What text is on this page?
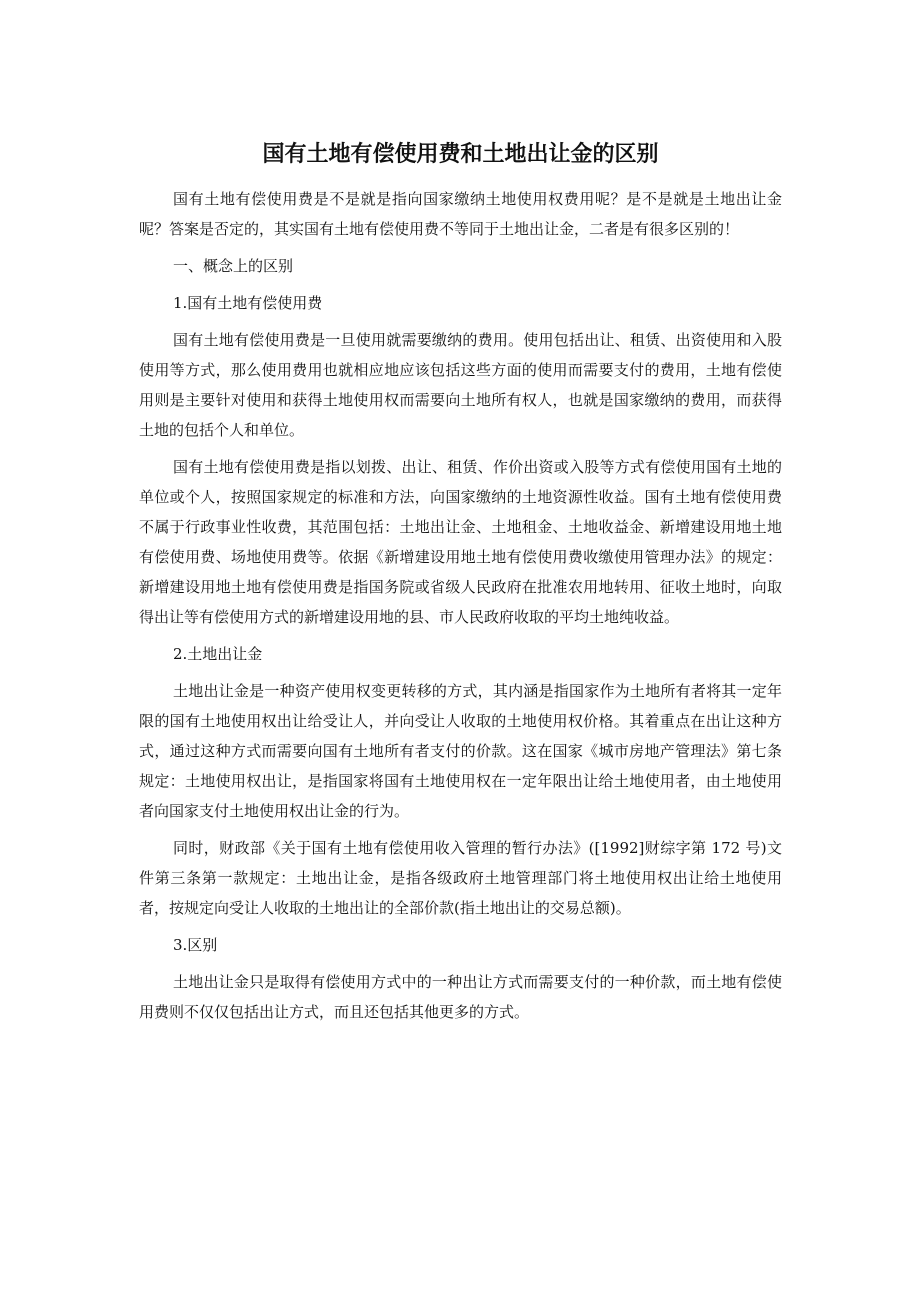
国有土地有偿使用费和土地出让金的区别

国有土地有偿使用费是不是就是指向国家缴纳土地使用权费用呢？是不是就是土地出让金呢？答案是否定的，其实国有土地有偿使用费不等同于土地出让金，二者是有很多区别的！

一、概念上的区别

1.国有土地有偿使用费

国有土地有偿使用费是一旦使用就需要缴纳的费用。使用包括出让、租赁、出资使用和入股使用等方式，那么使用费用也就相应地应该包括这些方面的使用而需要支付的费用，土地有偿使用则是主要针对使用和获得土地使用权而需要向土地所有权人，也就是国家缴纳的费用，而获得土地的包括个人和单位。

国有土地有偿使用费是指以划拨、出让、租赁、作价出资或入股等方式有偿使用国有土地的单位或个人，按照国家规定的标准和方法，向国家缴纳的土地资源性收益。国有土地有偿使用费不属于行政事业性收费，其范围包括：土地出让金、土地租金、土地收益金、新增建设用地土地有偿使用费、场地使用费等。依据《新增建设用地土地有偿使用费收缴使用管理办法》的规定：新增建设用地土地有偿使用费是指国务院或省级人民政府在批准农用地转用、征收土地时，向取得出让等有偿使用方式的新增建设用地的县、市人民政府收取的平均土地纯收益。

2.土地出让金

土地出让金是一种资产使用权变更转移的方式，其内涵是指国家作为土地所有者将其一定年限的国有土地使用权出让给受让人，并向受让人收取的土地使用权价格。其着重点在出让这种方式，通过这种方式而需要向国有土地所有者支付的价款。这在国家《城市房地产管理法》第七条规定：土地使用权出让，是指国家将国有土地使用权在一定年限出让给土地使用者，由土地使用者向国家支付土地使用权出让金的行为。

同时，财政部《关于国有土地有偿使用收入管理的暂行办法》([1992]财综字第 172 号)文件第三条第一款规定：土地出让金，是指各级政府土地管理部门将土地使用权出让给土地使用者，按规定向受让人收取的土地出让的全部价款(指土地出让的交易总额)。

3.区别

土地出让金只是取得有偿使用方式中的一种出让方式而需要支付的一种价款，而土地有偿使用费则不仅仅包括出让方式，而且还包括其他更多的方式。
